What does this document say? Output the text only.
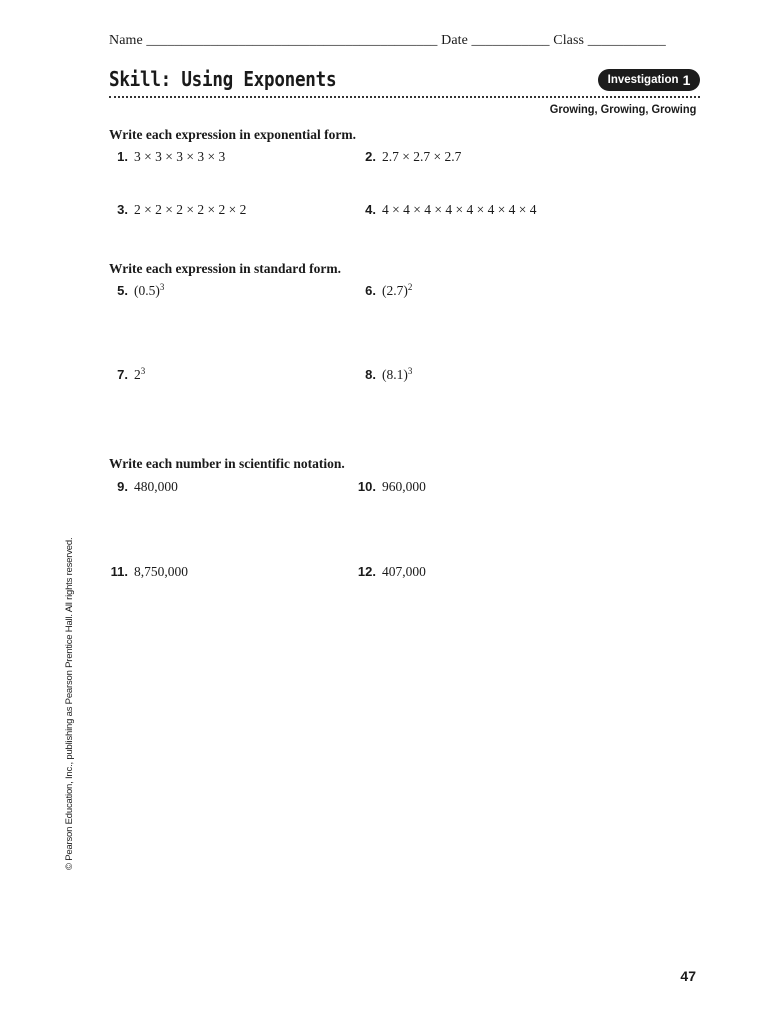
Name _________________________________________ Date ___________ Class ___________
Skill: Using Exponents	Investigation 1
Growing, Growing, Growing
Write each expression in exponential form.
1. 3 × 3 × 3 × 3 × 3	2. 2.7 × 2.7 × 2.7
3. 2 × 2 × 2 × 2 × 2 × 2	4. 4 × 4 × 4 × 4 × 4 × 4 × 4 × 4
Write each expression in standard form.
5. $(0.5)^3$	6. $(2.7)^2$
7. $2^3$	8. $(8.1)^3$
Write each number in scientific notation.
9. 480,000	10. 960,000
11. 8,750,000	12. 407,000
© Pearson Education, Inc., publishing as Pearson Prentice Hall. All rights reserved.
47
